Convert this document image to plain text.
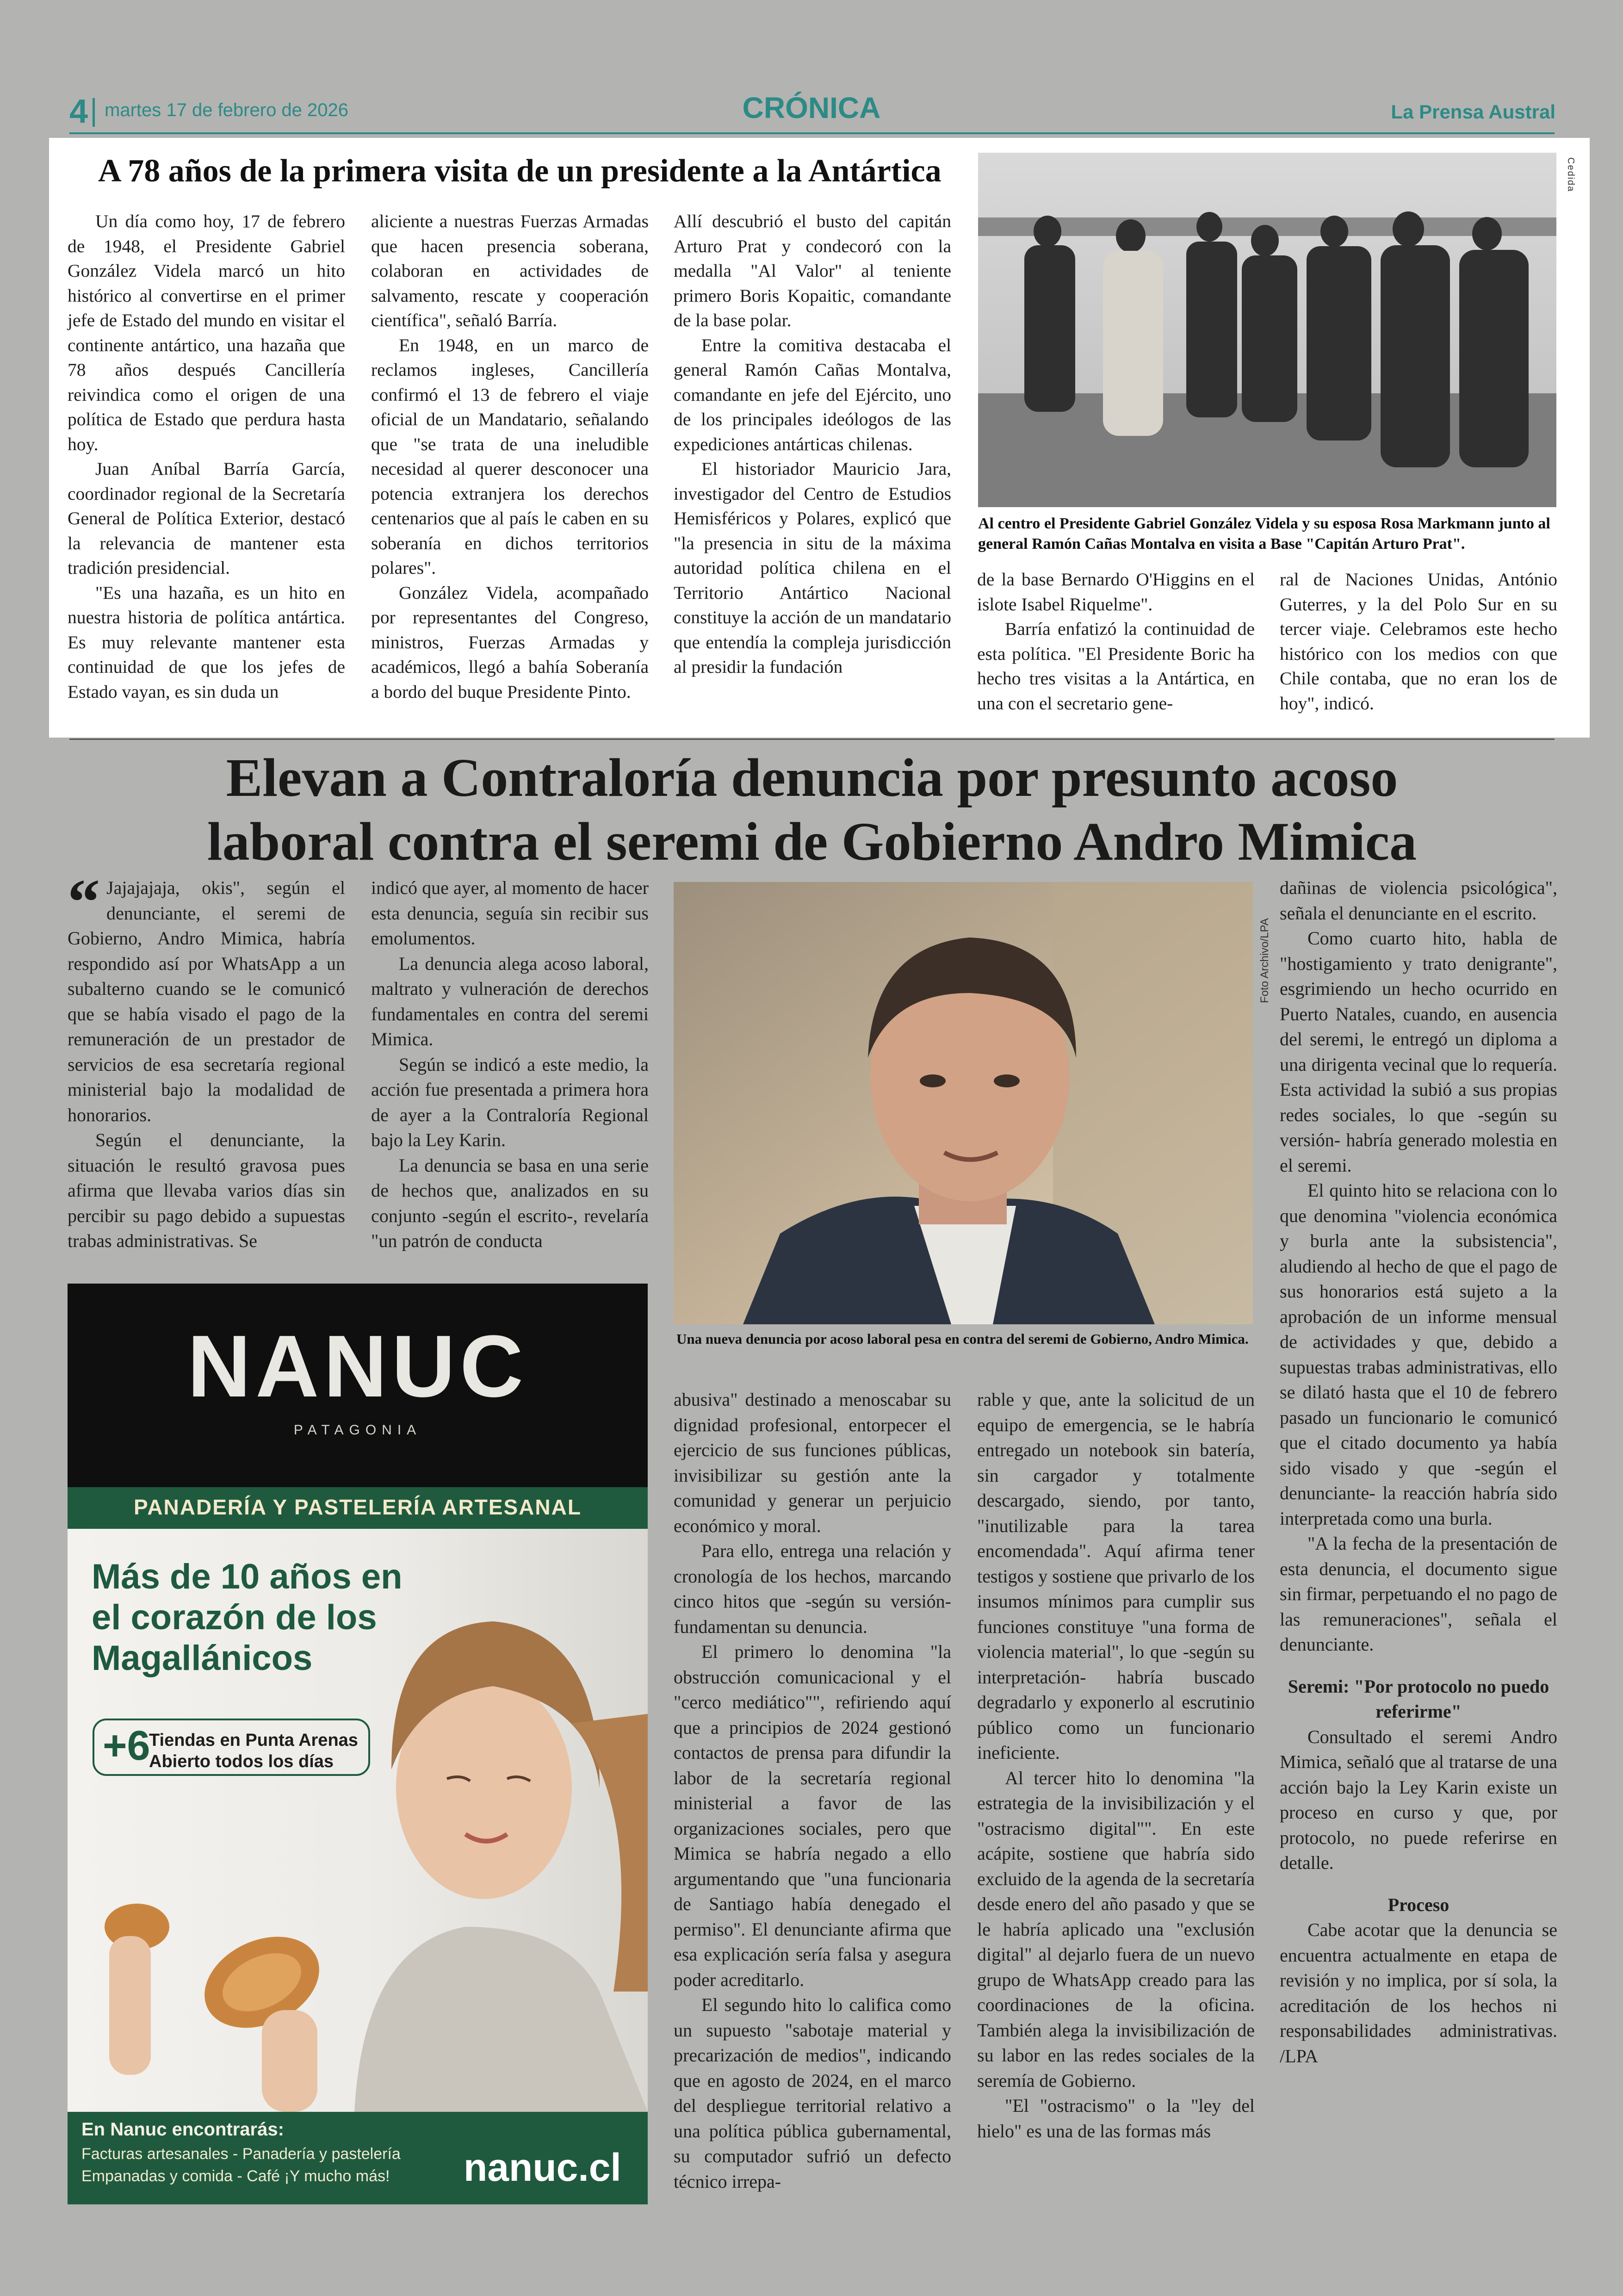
4 martes 17 de febrero de 2026	CRÓNICA	La Prensa Austral
A 78 años de la primera visita de un presidente a la Antártica

Un día como hoy, 17 de febrero de 1948, el Presidente Gabriel González Videla marcó un hito histórico al convertirse en el primer jefe de Estado del mundo en visitar el continente antártico, una hazaña que 78 años después Cancillería reivindica como el origen de una política de Estado que perdura hasta hoy.

Juan Aníbal Barría García, coordinador regional de la Secretaría General de Política Exterior, destacó la relevancia de mantener esta tradición presidencial.

"Es una hazaña, es un hito en nuestra historia de política antártica. Es muy relevante mantener esta continuidad de que los jefes de Estado vayan, es sin duda un

aliciente a nuestras Fuerzas Armadas que hacen presencia soberana, colaboran en actividades de salvamento, rescate y cooperación científica", señaló Barría.

En 1948, en un marco de reclamos ingleses, Cancillería confirmó el 13 de febrero el viaje oficial de un Mandatario, señalando que "se trata de una ineludible necesidad al querer desconocer una potencia extranjera los derechos centenarios que al país le caben en su soberanía en dichos territorios polares".

González Videla, acompañado por representantes del Congreso, ministros, Fuerzas Armadas y académicos, llegó a bahía Soberanía a bordo del buque Presidente Pinto.

Allí descubrió el busto del capitán Arturo Prat y condecoró con la medalla "Al Valor" al teniente primero Boris Kopaitic, comandante de la base polar.

Entre la comitiva destacaba el general Ramón Cañas Montalva, comandante en jefe del Ejército, uno de los principales ideólogos de las expediciones antárticas chilenas.

El historiador Mauricio Jara, investigador del Centro de Estudios Hemisféricos y Polares, explicó que "la presencia in situ de la máxima autoridad política chilena en el Territorio Antártico Nacional constituye la acción de un mandatario que entendía la compleja jurisdicción al presidir la fundación

de la base Bernardo O'Higgins en el islote Isabel Riquelme".

Barría enfatizó la continuidad de esta política. "El Presidente Boric ha hecho tres visitas a la Antártica, en una con el secretario gene-

ral de Naciones Unidas, António Guterres, y la del Polo Sur en su tercer viaje. Celebramos este hecho histórico con los medios con que Chile contaba, que no eran los de hoy", indicó.

Cedida
Al centro el Presidente Gabriel González Videla y su esposa Rosa Markmann junto al general Ramón Cañas Montalva en visita a Base "Capitán Arturo Prat".
Elevan a Contraloría denuncia por presunto acoso
laboral contra el seremi de Gobierno Andro Mimica
“ Jajajajaja, okis", según el denunciante, el seremi de Gobierno, Andro Mimica, habría respondido así por WhatsApp a un subalterno cuando se le comunicó que se había visado el pago de la remuneración de un prestador de servicios de esa secretaría regional ministerial bajo la modalidad de honorarios.

Según el denunciante, la situación le resultó gravosa pues afirma que llevaba varios días sin percibir su pago debido a supuestas trabas administrativas. Se

indicó que ayer, al momento de hacer esta denuncia, seguía sin recibir sus emolumentos.

La denuncia alega acoso laboral, maltrato y vulneración de derechos fundamentales en contra del seremi Mimica.

Según se indicó a este medio, la acción fue presentada a primera hora de ayer a la Contraloría Regional bajo la Ley Karin.

La denuncia se basa en una serie de hechos que, analizados en su conjunto -según el escrito-, revelaría "un patrón de conducta

abusiva" destinado a menoscabar su dignidad profesional, entorpecer el ejercicio de sus funciones públicas, invisibilizar su gestión ante la comunidad y generar un perjuicio económico y moral.

Para ello, entrega una relación y cronología de los hechos, marcando cinco hitos que -según su versión- fundamentan su denuncia.

El primero lo denomina "la obstrucción comunicacional y el "cerco mediático"", refiriendo aquí que a principios de 2024 gestionó contactos de prensa para difundir la labor de la secretaría regional ministerial a favor de las organizaciones sociales, pero que Mimica se habría negado a ello argumentando que "una funcionaria de Santiago había denegado el permiso". El denunciante afirma que esa explicación sería falsa y asegura poder acreditarlo.

El segundo hito lo califica como un supuesto "sabotaje material y precarización de medios", indicando que en agosto de 2024, en el marco del despliegue territorial relativo a una política pública gubernamental, su computador sufrió un defecto técnico irrepa-

rable y que, ante la solicitud de un equipo de emergencia, se le habría entregado un notebook sin batería, sin cargador y totalmente descargado, siendo, por tanto, "inutilizable para la tarea encomendada". Aquí afirma tener testigos y sostiene que privarlo de los insumos mínimos para cumplir sus funciones constituye "una forma de violencia material", lo que -según su interpretación- habría buscado degradarlo y exponerlo al escrutinio público como un funcionario ineficiente.

Al tercer hito lo denomina "la estrategia de la invisibilización y el "ostracismo digital"". En este acápite, sostiene que habría sido excluido de la agenda de la secretaría desde enero del año pasado y que se le habría aplicado una "exclusión digital" al dejarlo fuera de un nuevo grupo de WhatsApp creado para las coordinaciones de la oficina. También alega la invisibilización de su labor en las redes sociales de la seremía de Gobierno.

"El "ostracismo" o la "ley del hielo" es una de las formas más

dañinas de violencia psicológica", señala el denunciante en el escrito.

Como cuarto hito, habla de "hostigamiento y trato denigrante", esgrimiendo un hecho ocurrido en Puerto Natales, cuando, en ausencia del seremi, le entregó un diploma a una dirigenta vecinal que lo requería. Esta actividad la subió a sus propias redes sociales, lo que -según su versión- habría generado molestia en el seremi.

El quinto hito se relaciona con lo que denomina "violencia económica y burla ante la subsistencia", aludiendo al hecho de que el pago de sus honorarios está sujeto a la aprobación de un informe mensual de actividades y que, debido a supuestas trabas administrativas, ello se dilató hasta que el 10 de febrero pasado un funcionario le comunicó que el citado documento ya había sido visado y que -según el denunciante- la reacción habría sido interpretada como una burla.

"A la fecha de la presentación de esta denuncia, el documento sigue sin firmar, perpetuando el no pago de las remuneraciones", señala el denunciante.

Seremi: "Por protocolo no puedo referirme"

Consultado el seremi Andro Mimica, señaló que al tratarse de una acción bajo la Ley Karin existe un proceso en curso y que, por protocolo, no puede referirse en detalle.

Proceso

Cabe acotar que la denuncia se encuentra actualmente en etapa de revisión y no implica, por sí sola, la acreditación de los hechos ni responsabilidades administrativas. /LPA

Foto Archivo/LPA
Una nueva denuncia por acoso laboral pesa en contra del seremi de Gobierno, Andro Mimica.
NANUC
PATAGONIA
PANADERÍA Y PASTELERÍA ARTESANAL
Más de 10 años en el corazón de los Magallánicos
+6
Tiendas en Punta Arenas
Abierto todos los días
En Nanuc encontrarás:
Facturas artesanales - Panadería y pastelería
Empanadas y comida - Café ¡Y mucho más! nanuc.cl
